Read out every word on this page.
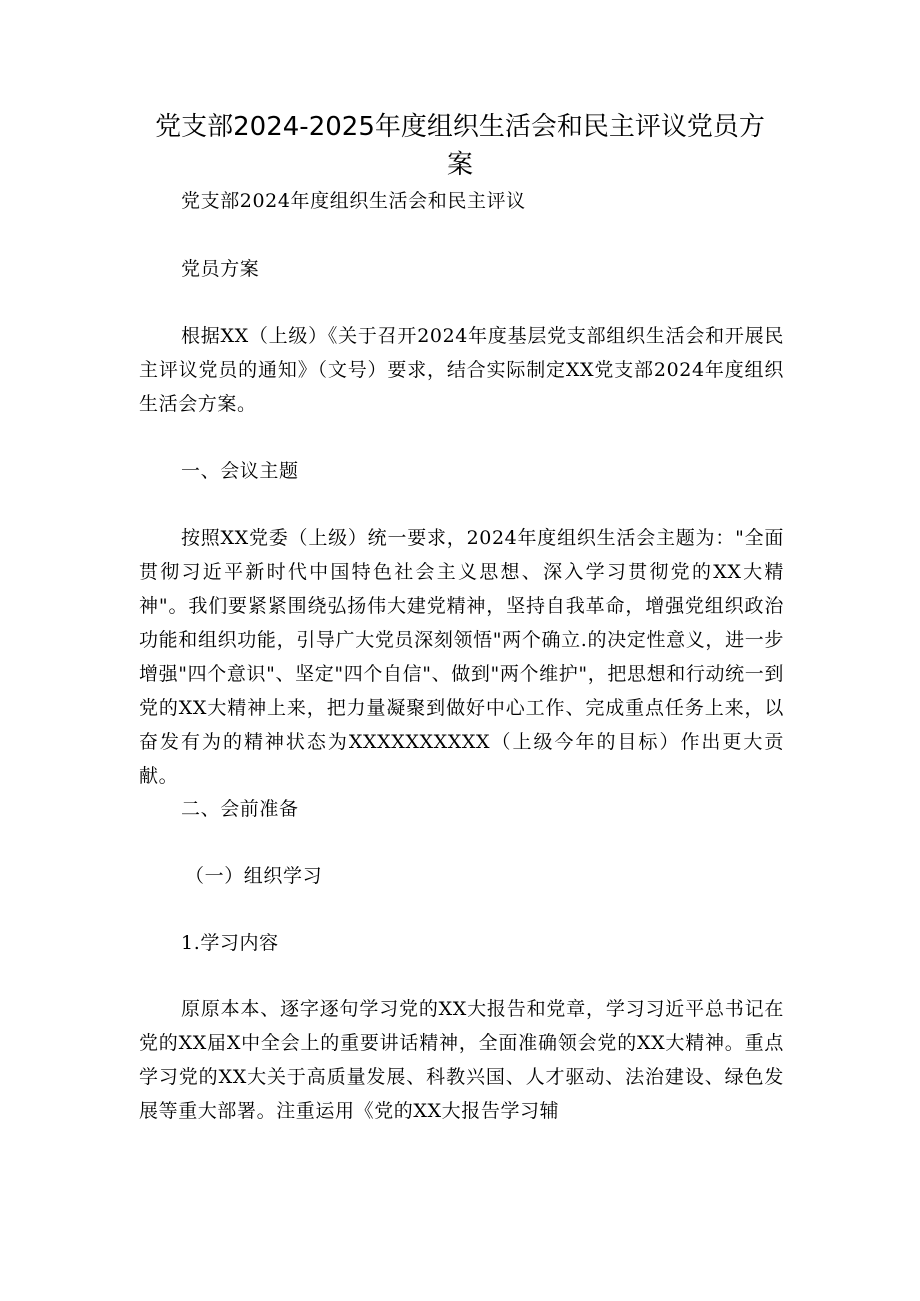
党支部2024-2025年度组织生活会和民主评议党员方案

党支部2024年度组织生活会和民主评议

党员方案

根据XX（上级）《关于召开2024年度基层党支部组织生活会和开展民主评议党员的通知》（文号）要求，结合实际制定XX党支部2024年度组织生活会方案。

一、会议主题

按照XX党委（上级）统一要求，2024年度组织生活会主题为："全面贯彻习近平新时代中国特色社会主义思想、深入学习贯彻党的XX大精神"。我们要紧紧围绕弘扬伟大建党精神，坚持自我革命，增强党组织政治功能和组织功能，引导广大党员深刻领悟"两个确立.的决定性意义，进一步增强"四个意识"、坚定"四个自信"、做到"两个维护"，把思想和行动统一到党的XX大精神上来，把力量凝聚到做好中心工作、完成重点任务上来，以奋发有为的精神状态为XXXXXXXXXX（上级今年的目标）作出更大贡献。

二、会前准备

（一）组织学习

1.学习内容

原原本本、逐字逐句学习党的XX大报告和党章，学习习近平总书记在党的XX届X中全会上的重要讲话精神，全面准确领会党的XX大精神。重点学习党的XX大关于高质量发展、科教兴国、人才驱动、法治建设、绿色发展等重大部署。注重运用《党的XX大报告学习辅
